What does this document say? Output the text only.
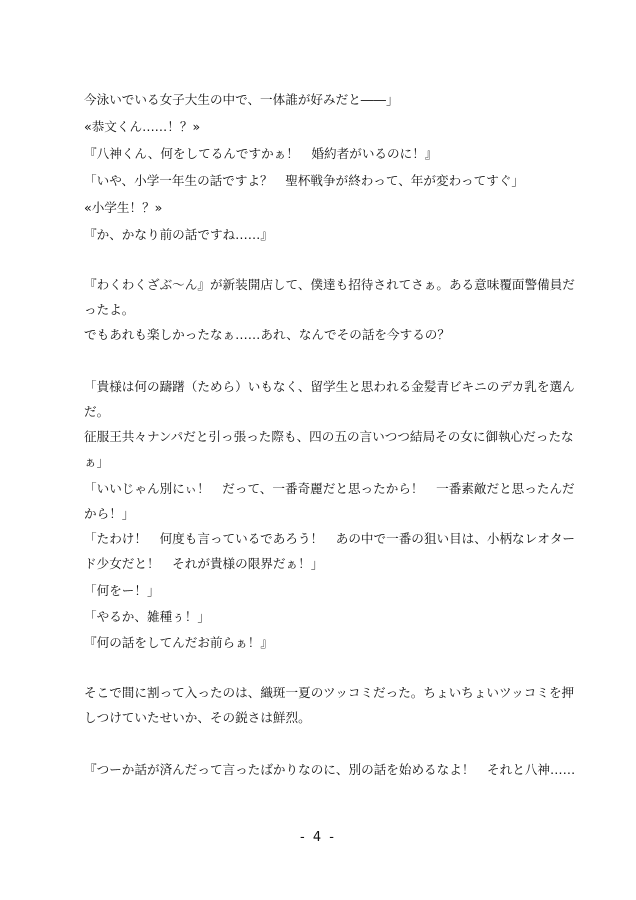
今泳いでいる女子大生の中で、一体誰が好みだと――」
«恭文くん……！？»
『八神くん、何をしてるんですかぁ！　婚約者がいるのに！』
「いや、小学一年生の話ですよ？　聖杯戦争が終わって、年が変わってすぐ」
«小学生！？»
『か、かなり前の話ですね……』
『わくわくざぶ～ん』が新装開店して、僕達も招待されてさぁ。ある意味覆面警備員だ
ったよ。
でもあれも楽しかったなぁ……あれ、なんでその話を今するの？
「貴様は何の躊躇（ためら）いもなく、留学生と思われる金髪青ビキニのデカ乳を選ん
だ。
征服王共々ナンパだと引っ張った際も、四の五の言いつつ結局その女に御執心だったな
ぁ」
「いいじゃん別にぃ！　だって、一番奇麗だと思ったから！　一番素敵だと思ったんだ
から！」
「たわけ！　何度も言っているであろう！　あの中で一番の狙い目は、小柄なレオター
ド少女だと！　それが貴様の限界だぁ！」
「何をー！」
「やるか、雑種ぅ！」
『何の話をしてんだお前らぁ！』
そこで間に割って入ったのは、織斑一夏のツッコミだった。ちょいちょいツッコミを押
しつけていたせいか、その鋭さは鮮烈。
『つーか話が済んだって言ったばかりなのに、別の話を始めるなよ！　それと八神……
- 4 -
